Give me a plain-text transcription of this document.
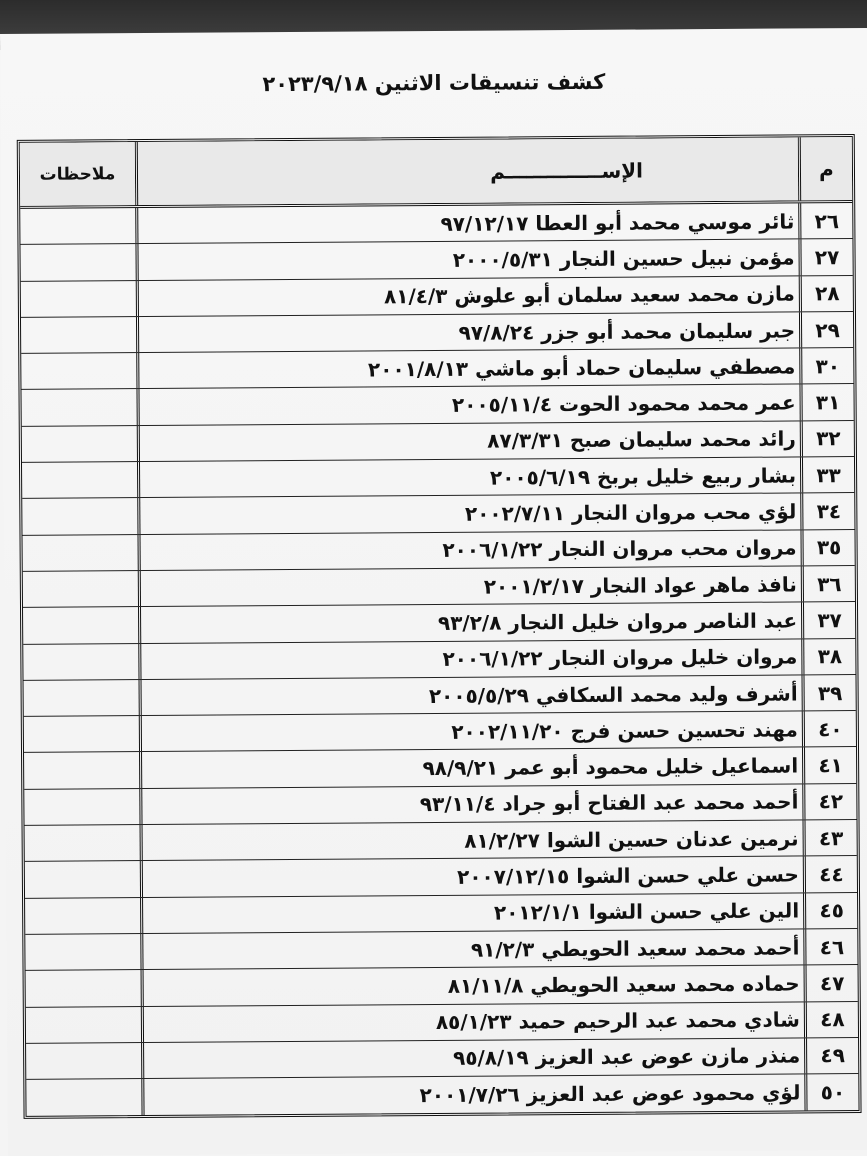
كشف تنسيقات الاثنين ٢٠٢٣/٩/١٨
م
الإســــــــــــــم
ملاحظات
٢٦
ثائر موسي محمد أبو العطا ٩٧/١٢/١٧
٢٧
مؤمن نبيل حسين النجار ٢٠٠٠/٥/٣١
٢٨
مازن محمد سعيد سلمان أبو علوش ٨١/٤/٣
٢٩
جبر سليمان محمد أبو جزر ٩٧/٨/٢٤
٣٠
مصطفي سليمان حماد أبو ماشي ٢٠٠١/٨/١٣
٣١
عمر محمد محمود الحوت ٢٠٠٥/١١/٤
٣٢
رائد محمد سليمان صبح ٨٧/٣/٣١
٣٣
بشار ربيع خليل بربخ ٢٠٠٥/٦/١٩
٣٤
لؤي محب مروان النجار ٢٠٠٢/٧/١١
٣٥
مروان محب مروان النجار ٢٠٠٦/١/٢٢
٣٦
نافذ ماهر عواد النجار ٢٠٠١/٢/١٧
٣٧
عبد الناصر مروان خليل النجار ٩٣/٢/٨
٣٨
مروان خليل مروان النجار ٢٠٠٦/١/٢٢
٣٩
أشرف وليد محمد السكافي ٢٠٠٥/٥/٢٩
٤٠
مهند تحسين حسن فرج ٢٠٠٢/١١/٢٠
٤١
اسماعيل خليل محمود أبو عمر ٩٨/٩/٢١
٤٢
أحمد محمد عبد الفتاح أبو جراد ٩٣/١١/٤
٤٣
نرمين عدنان حسين الشوا ٨١/٢/٢٧
٤٤
حسن علي حسن الشوا ٢٠٠٧/١٢/١٥
٤٥
الين علي حسن الشوا ٢٠١٢/١/١
٤٦
أحمد محمد سعيد الحويطي ٩١/٢/٣
٤٧
حماده محمد سعيد الحويطي ٨١/١١/٨
٤٨
شادي محمد عبد الرحيم حميد ٨٥/١/٢٣
٤٩
منذر مازن عوض عبد العزيز ٩٥/٨/١٩
٥٠
لؤي محمود عوض عبد العزيز ٢٠٠١/٧/٢٦
